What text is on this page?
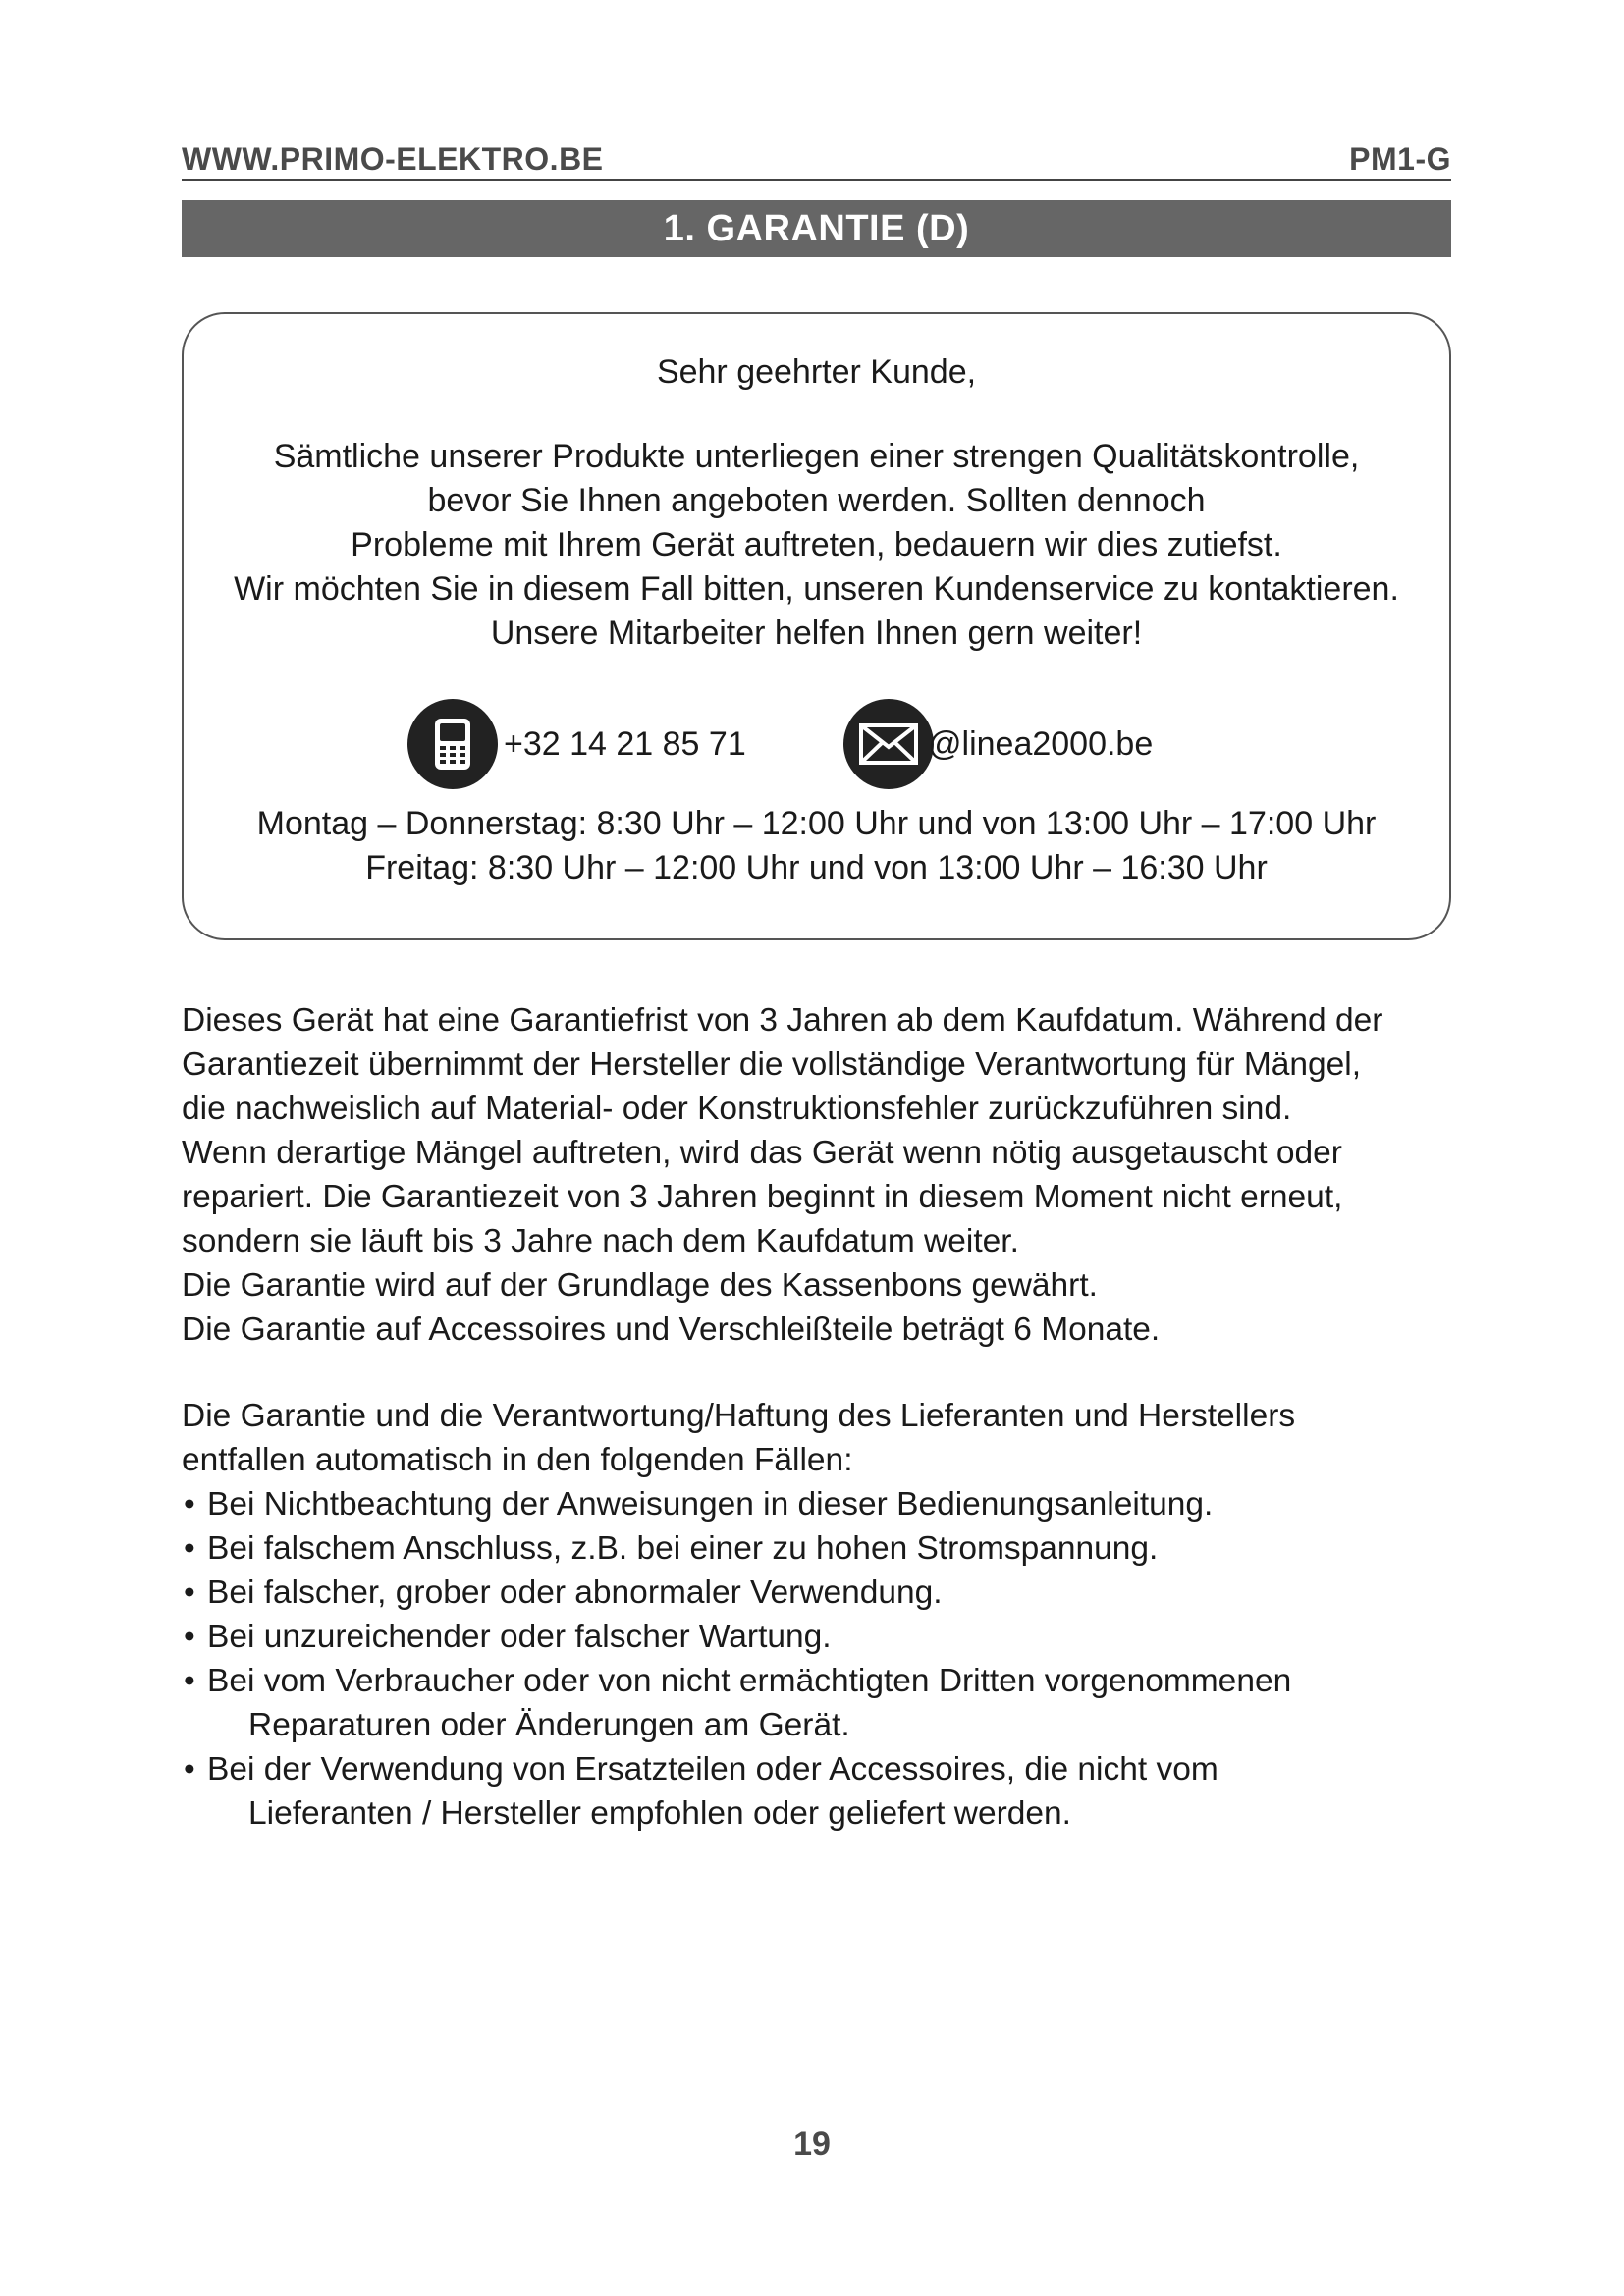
WWW.PRIMO-ELEKTRO.BE	PM1-G
1. GARANTIE (D)
Sehr geehrter Kunde,
Sämtliche unserer Produkte unterliegen einer strengen Qualitätskontrolle,
bevor Sie Ihnen angeboten werden. Sollten dennoch
Probleme mit Ihrem Gerät auftreten, bedauern wir dies zutiefst.
Wir möchten Sie in diesem Fall bitten, unseren Kundenservice zu kontaktieren.
Unsere Mitarbeiter helfen Ihnen gern weiter!
+32 14 21 85 71	@linea2000.be
Montag – Donnerstag: 8:30 Uhr – 12:00 Uhr und von 13:00 Uhr – 17:00 Uhr
Freitag: 8:30 Uhr – 12:00 Uhr und von 13:00 Uhr – 16:30 Uhr
Dieses Gerät hat eine Garantiefrist von 3 Jahren ab dem Kaufdatum. Während der
Garantiezeit übernimmt der Hersteller die vollständige Verantwortung für Mängel,
die nachweislich auf Material- oder Konstruktionsfehler zurückzuführen sind.
Wenn derartige Mängel auftreten, wird das Gerät wenn nötig ausgetauscht oder
repariert. Die Garantiezeit von 3 Jahren beginnt in diesem Moment nicht erneut,
sondern sie läuft bis 3 Jahre nach dem Kaufdatum weiter.
Die Garantie wird auf der Grundlage des Kassenbons gewährt.
Die Garantie auf Accessoires und Verschleißteile beträgt 6 Monate.
Die Garantie und die Verantwortung/Haftung des Lieferanten und Herstellers
entfallen automatisch in den folgenden Fällen:
• Bei Nichtbeachtung der Anweisungen in dieser Bedienungsanleitung.
• Bei falschem Anschluss, z.B. bei einer zu hohen Stromspannung.
• Bei falscher, grober oder abnormaler Verwendung.
• Bei unzureichender oder falscher Wartung.
• Bei vom Verbraucher oder von nicht ermächtigten Dritten vorgenommenen
Reparaturen oder Änderungen am Gerät.
• Bei der Verwendung von Ersatzteilen oder Accessoires, die nicht vom
Lieferanten / Hersteller empfohlen oder geliefert werden.
19
